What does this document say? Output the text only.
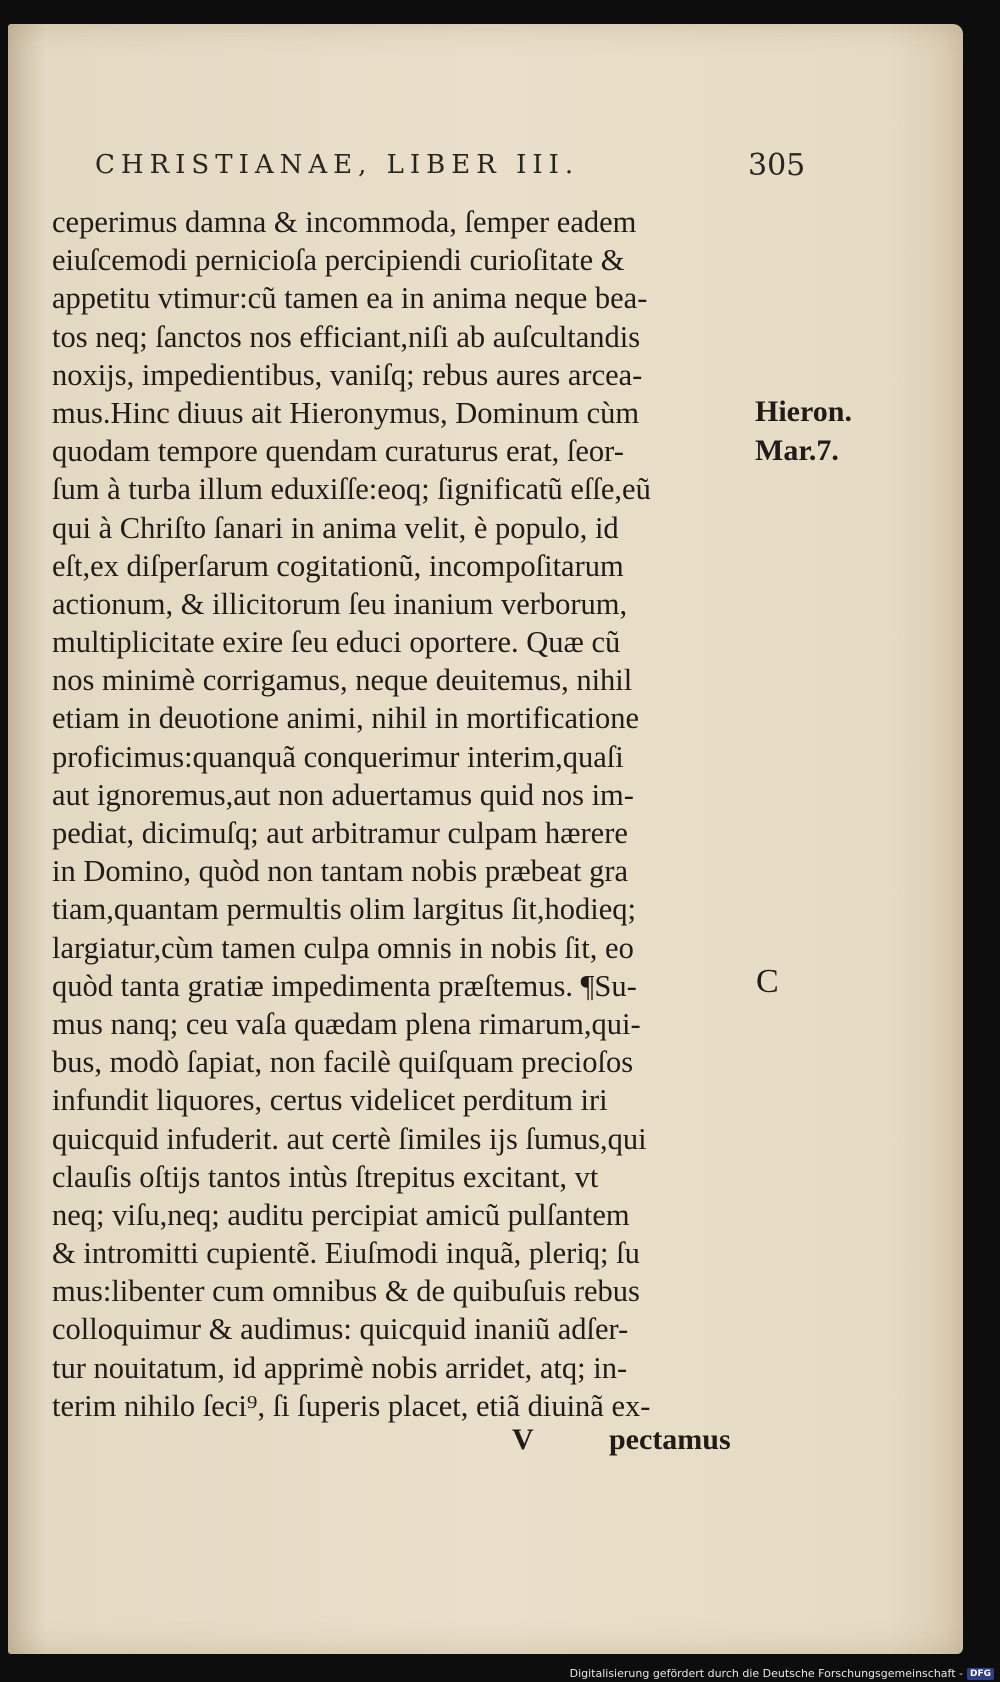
CHRISTIANAE, LIBER III.	305
ceperimus damna & incommoda, ſemper eadem
eiuſcemodi pernicioſa percipiendi curioſitate &
appetitu vtimur:cũ tamen ea in anima neque bea-
tos neq; ſanctos nos efficiant,niſi ab auſcultandis
noxijs, impedientibus, vaniſq; rebus aures arcea-
mus.Hinc diuus ait Hieronymus, Dominum cùm
quodam tempore quendam curaturus erat, ſeor-
ſum à turba illum eduxiſſe:eoq; ſignificatũ eſſe,eũ
qui à Chriſto ſanari in anima velit, è populo, id
eſt,ex diſperſarum cogitationũ, incompoſitarum
actionum, & illicitorum ſeu inanium verborum,
multiplicitate exire ſeu educi oportere. Quæ cũ
nos minimè corrigamus, neque deuitemus, nihil
etiam in deuotione animi, nihil in mortificatione
proficimus:quanquã conquerimur interim,quaſi
aut ignoremus,aut non aduertamus quid nos im-
pediat, dicimuſq; aut arbitramur culpam hærere
in Domino, quòd non tantam nobis præbeat gra
tiam,quantam permultis olim largitus ſit,hodieq;
largiatur,cùm tamen culpa omnis in nobis ſit, eo
quòd tanta gratiæ impedimenta præſtemus. ¶Su-
mus nanq; ceu vaſa quædam plena rimarum,qui-
bus, modò ſapiat, non facilè quiſquam precioſos
infundit liquores, certus videlicet perditum iri
quicquid infuderit. aut certè ſimiles ijs ſumus,qui
clauſis oſtijs tantos intùs ſtrepitus excitant, vt
neq; viſu,neq; auditu percipiat amicũ pulſantem
& intromitti cupientẽ. Eiuſmodi inquã, pleriq; ſu
mus:libenter cum omnibus & de quibuſuis rebus
colloquimur & audimus: quicquid inaniũ adſer-
tur nouitatum, id apprimè nobis arridet, atq; in-
terim nihilo ſeci⁹, ſi ſuperis placet, etiã diuinã ex-
Hieron.
Mar.7.
C
V	pectamus
Digitalisierung gefördert durch die Deutsche Forschungsgemeinschaft - DFG
